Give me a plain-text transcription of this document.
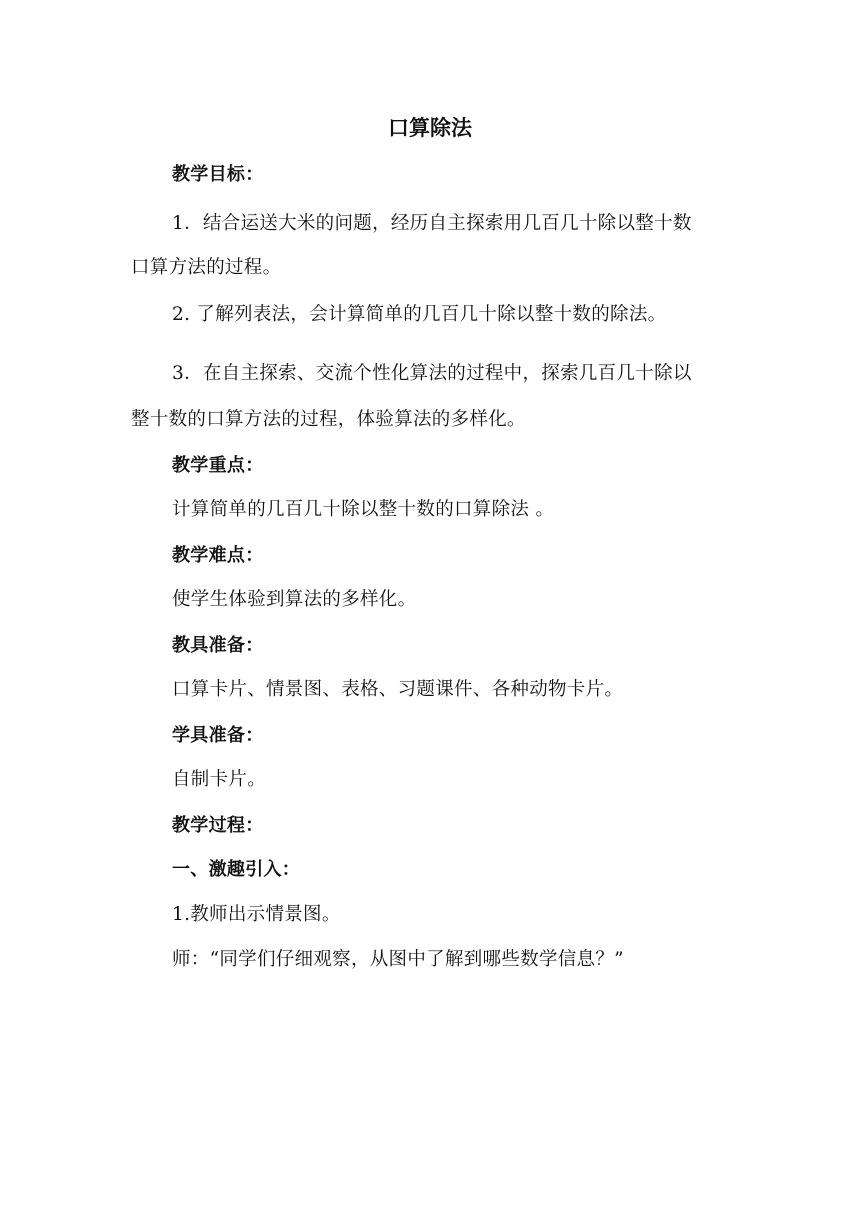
口算除法
教学目标：
1．结合运送大米的问题，经历自主探索用几百几十除以整十数
口算方法的过程。
2. 了解列表法，会计算简单的几百几十除以整十数的除法。
3．在自主探索、交流个性化算法的过程中，探索几百几十除以
整十数的口算方法的过程，体验算法的多样化。
教学重点：
计算简单的几百几十除以整十数的口算除法 。
教学难点：
使学生体验到算法的多样化。
教具准备：
口算卡片、情景图、表格、习题课件、各种动物卡片。
学具准备：
自制卡片。
教学过程：
一、激趣引入：
1.教师出示情景图。
师：“同学们仔细观察，从图中了解到哪些数学信息？”
